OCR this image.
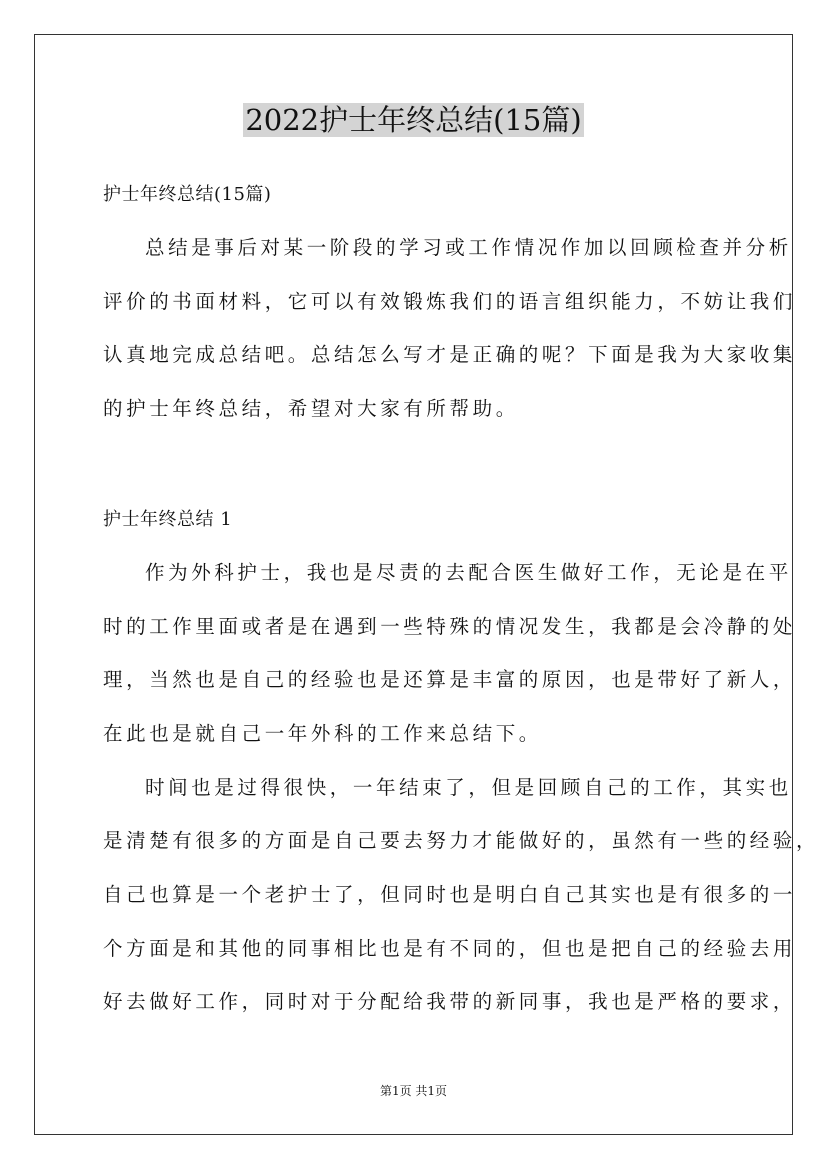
2022护士年终总结(15篇)

护士年终总结(15篇)

总结是事后对某一阶段的学习或工作情况作加以回顾检查并分析

评价的书面材料，它可以有效锻炼我们的语言组织能力，不妨让我们

认真地完成总结吧。总结怎么写才是正确的呢？下面是我为大家收集

的护士年终总结，希望对大家有所帮助。

护士年终总结 1

作为外科护士，我也是尽责的去配合医生做好工作，无论是在平

时的工作里面或者是在遇到一些特殊的情况发生，我都是会冷静的处

理，当然也是自己的经验也是还算是丰富的原因，也是带好了新人，

在此也是就自己一年外科的工作来总结下。

时间也是过得很快，一年结束了，但是回顾自己的工作，其实也

是清楚有很多的方面是自己要去努力才能做好的，虽然有一些的经验，

自己也算是一个老护士了，但同时也是明白自己其实也是有很多的一

个方面是和其他的同事相比也是有不同的，但也是把自己的经验去用

好去做好工作，同时对于分配给我带的新同事，我也是严格的要求，

第1页 共1页
